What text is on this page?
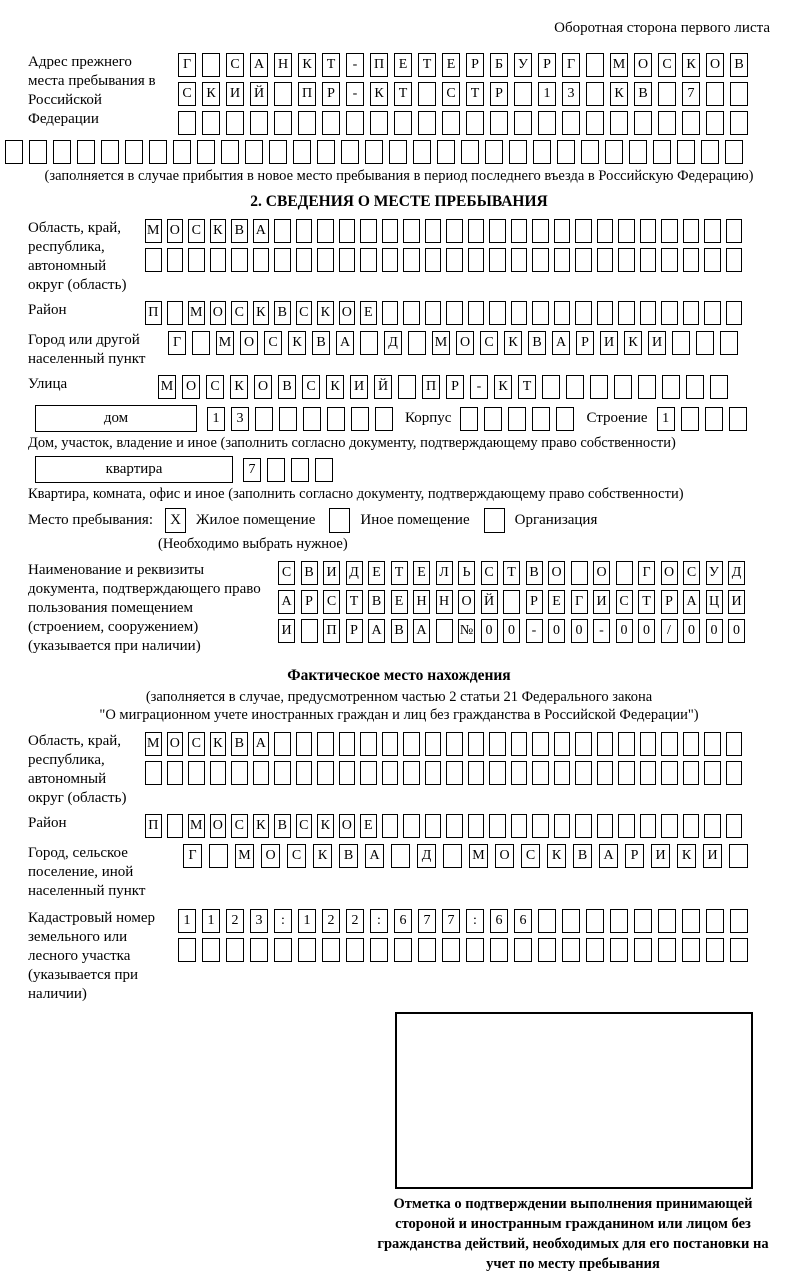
Оборотная сторона первого листа
Адрес прежнего места пребывания в Российской Федерации
Г	С	А Н	К	Т	-	П	Е	Т	Е	Р	Б	У	Р	Г	М О	С	К	О	В
С	К	И Й	П	Р	-	К	Т	С	Т	Р	1	3	К	В	7
(заполняется в случае прибытия в новое место пребывания в период последнего въезда в Российскую Федерацию)
2. СВЕДЕНИЯ О МЕСТЕ ПРЕБЫВАНИЯ
Область, край, республика, автономный округ (область)
М О С К В А
Район	П М О С К В С К О Е
Город или другой населенный пункт
Г	М О	С	К	В	А	Д	М О	С	К	В	А	Р	И	К	И
Улица	М О	С	К	О	В	С	К	И Й	П	Р	-	К	Т
дом	1	3	Корпус	Строение	1
Дом, участок, владение и иное (заполнить согласно документу, подтверждающему право собственности)
квартира	7
Квартира, комната, офис и иное (заполнить согласно документу, подтверждающему право собственности)
Место пребывания:	X	Жилое помещение	Иное помещение	Организация
(Необходимо выбрать нужное)
Наименование и реквизиты документа, подтверждающего право пользования помещением (строением, сооружением) (указывается при наличии)
С В И Д Е Т Е Л Ь С Т В О О	Г О С У Д
А Р С Т В Е Н Н О Й	Р	Е	Г И С Т	Р А Ц И
И П Р А В А № 0	0	-	0	0	-	0	0	/	0	0	0
Фактическое место нахождения
(заполняется в случае, предусмотренном частью 2 статьи 21 Федерального закона
"О миграционном учете иностранных граждан и лиц без гражданства в Российской Федерации")
Область, край, республика, автономный округ (область)
М О С К В А
Район	П М О С К В С К О Е
Город, сельское поселение, иной населенный пункт
Г	М	О	С	К	В	А	Д	М	О	С	К	В	А	Р	И	К	И
Кадастровый номер земельного или лесного участка (указывается при наличии)
1	1	2	3	:	1	2	2	:	6	7	7	:	6	6
Отметка о подтверждении выполнения принимающей стороной и иностранным гражданином или лицом без гражданства действий, необходимых для его постановки на учет по месту пребывания
